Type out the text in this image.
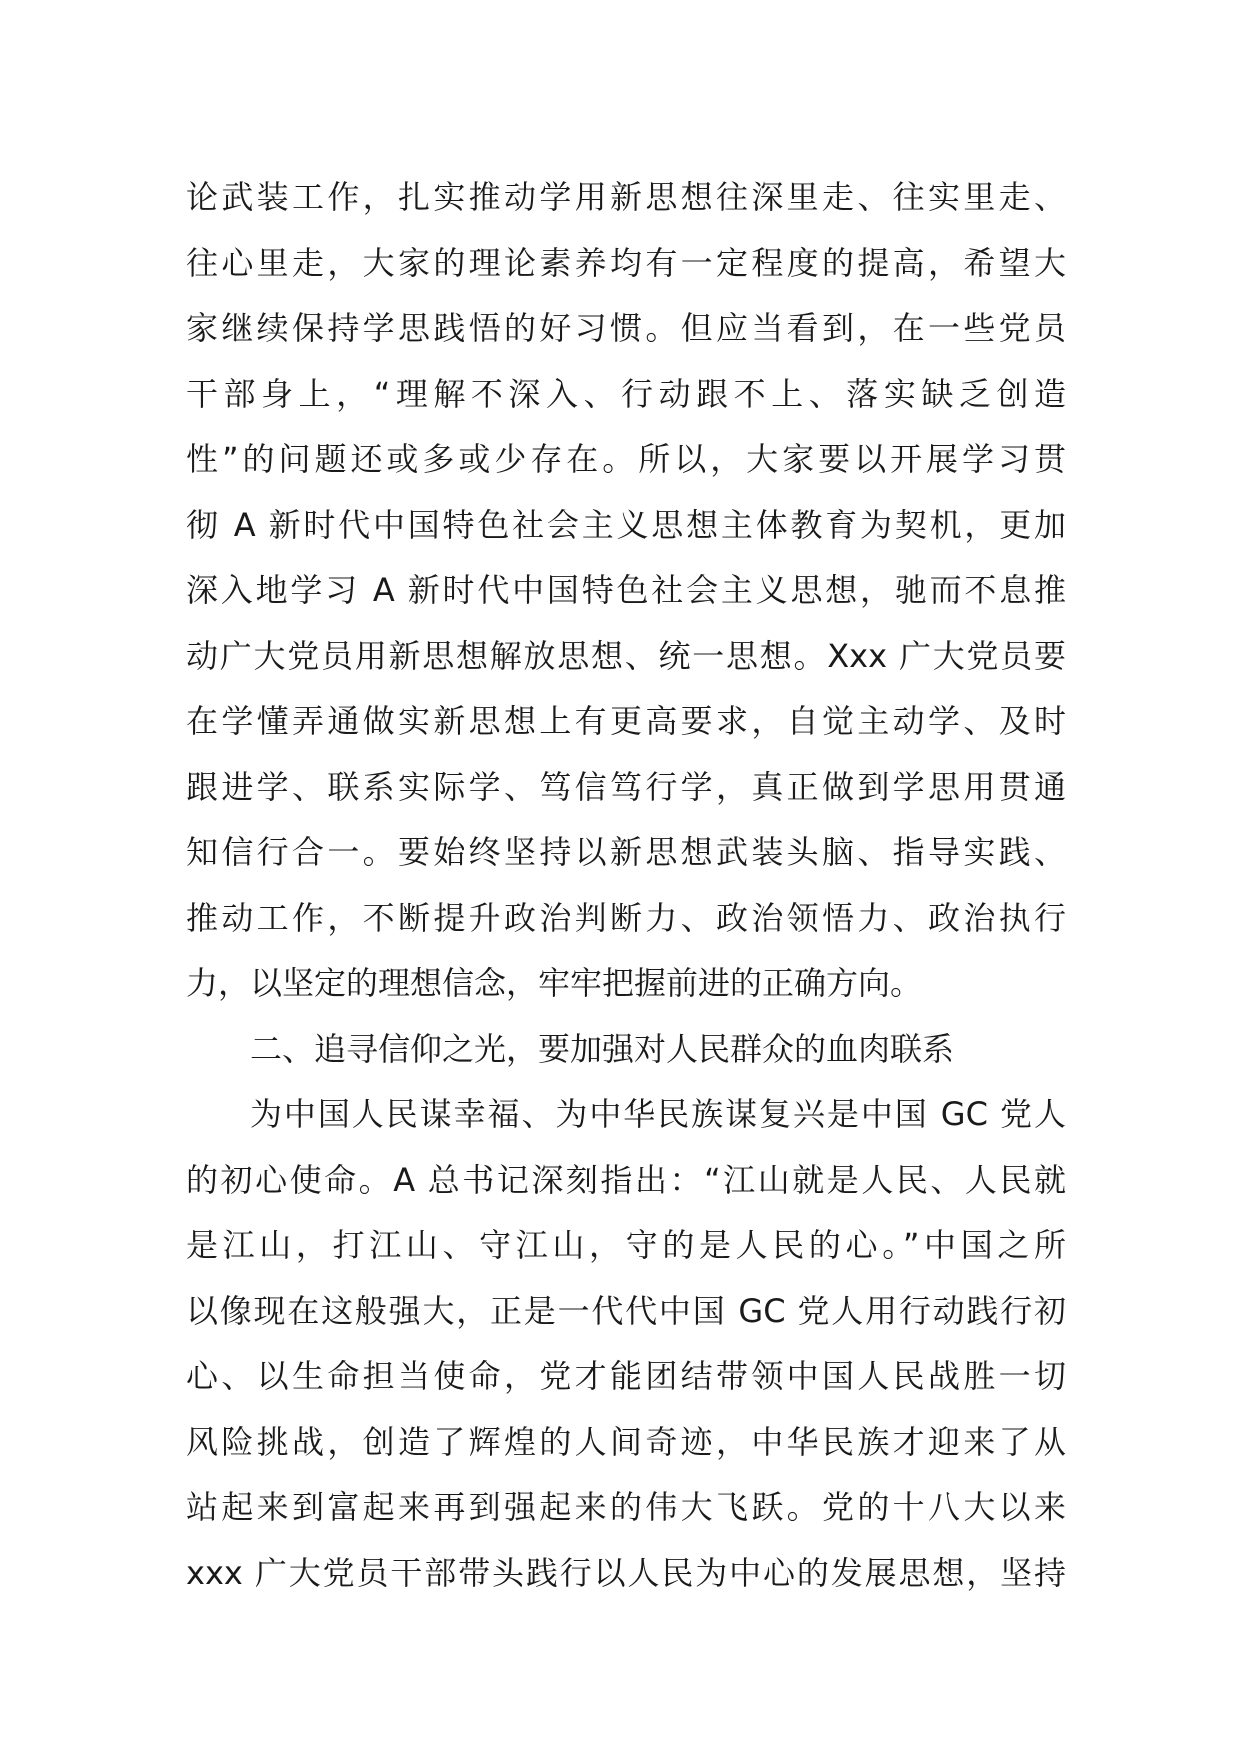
论武装工作，扎实推动学用新思想往深里走、往实里走、
往心里走，大家的理论素养均有一定程度的提高，希望大
家继续保持学思践悟的好习惯。但应当看到，在一些党员
干部身上，“理解不深入、行动跟不上、落实缺乏创造
性”的问题还或多或少存在。所以，大家要以开展学习贯
彻 A 新时代中国特色社会主义思想主体教育为契机，更加
深入地学习 A 新时代中国特色社会主义思想，驰而不息推
动广大党员用新思想解放思想、统一思想。Xxx 广大党员要
在学懂弄通做实新思想上有更高要求，自觉主动学、及时
跟进学、联系实际学、笃信笃行学，真正做到学思用贯通
知信行合一。要始终坚持以新思想武装头脑、指导实践、
推动工作，不断提升政治判断力、政治领悟力、政治执行
力，以坚定的理想信念，牢牢把握前进的正确方向。
二、追寻信仰之光，要加强对人民群众的血肉联系
为中国人民谋幸福、为中华民族谋复兴是中国 GC 党人
的初心使命。A 总书记深刻指出：“江山就是人民、人民就
是江山，打江山、守江山，守的是人民的心。”中国之所
以像现在这般强大，正是一代代中国 GC 党人用行动践行初
心、以生命担当使命，党才能团结带领中国人民战胜一切
风险挑战，创造了辉煌的人间奇迹，中华民族才迎来了从
站起来到富起来再到强起来的伟大飞跃。党的十八大以来
xxx 广大党员干部带头践行以人民为中心的发展思想，坚持
